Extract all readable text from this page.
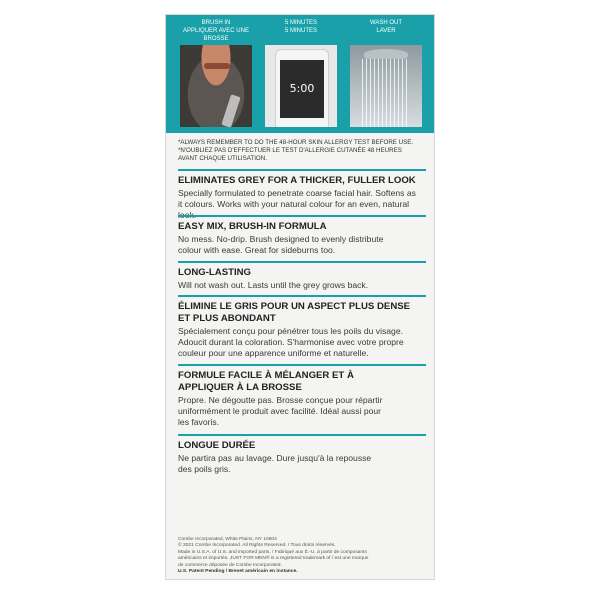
BRUSH IN
APPLIQUER AVEC UNE BROSSE
5 MINUTES
5 MINUTES
5:00
WASH OUT
LAVER
*ALWAYS REMEMBER TO DO THE 48-HOUR SKIN ALLERGY TEST BEFORE USE.
*N'OUBLIEZ PAS D'EFFECTUER LE TEST D'ALLERGIE CUTANÉE 48 HEURES
AVANT CHAQUE UTILISATION.
ELIMINATES GREY FOR A THICKER, FULLER LOOK
Specially formulated to penetrate coarse facial hair. Softens as
it colours. Works with your natural colour for an even, natural
EASY MIX, BRUSH-IN FORMULA
No mess. No-drip. Brush designed to evenly distribute
colour with ease. Great for sideburns too.
LONG-LASTING
Will not wash out. Lasts until the grey grows back.
ÉLIMINE LE GRIS POUR UN ASPECT PLUS DENSE
ET PLUS ABONDANT
Spécialement conçu pour pénétrer tous les poils du visage.
Adoucit durant la coloration. S'harmonise avec votre propre
couleur pour une apparence uniforme et naturelle.
FORMULE FACILE À MÉLANGER ET À
APPLIQUER À LA BROSSE
Propre. Ne dégoutte pas. Brosse conçue pour répartir
uniformément le produit avec facilité. Idéal aussi pour
les favoris.
LONGUE DURÉE
Ne partira pas au lavage. Dure jusqu'à la repousse
des poils gris.
Combe Incorporated, White Plains, NY 10604
© 2021 Combe Incorporated. All Rights Reserved. / Tous droits réservés.
Made in U.S.A. of U.S. and imported parts. / Fabriqué aux É.-U. à partir de composants
américains et importés. JUST FOR MEN® is a registered trademark of / est une marque
de commerce déposée de Combe Incorporated.
U.S. Patent Pending / Brevet américain en instance.
